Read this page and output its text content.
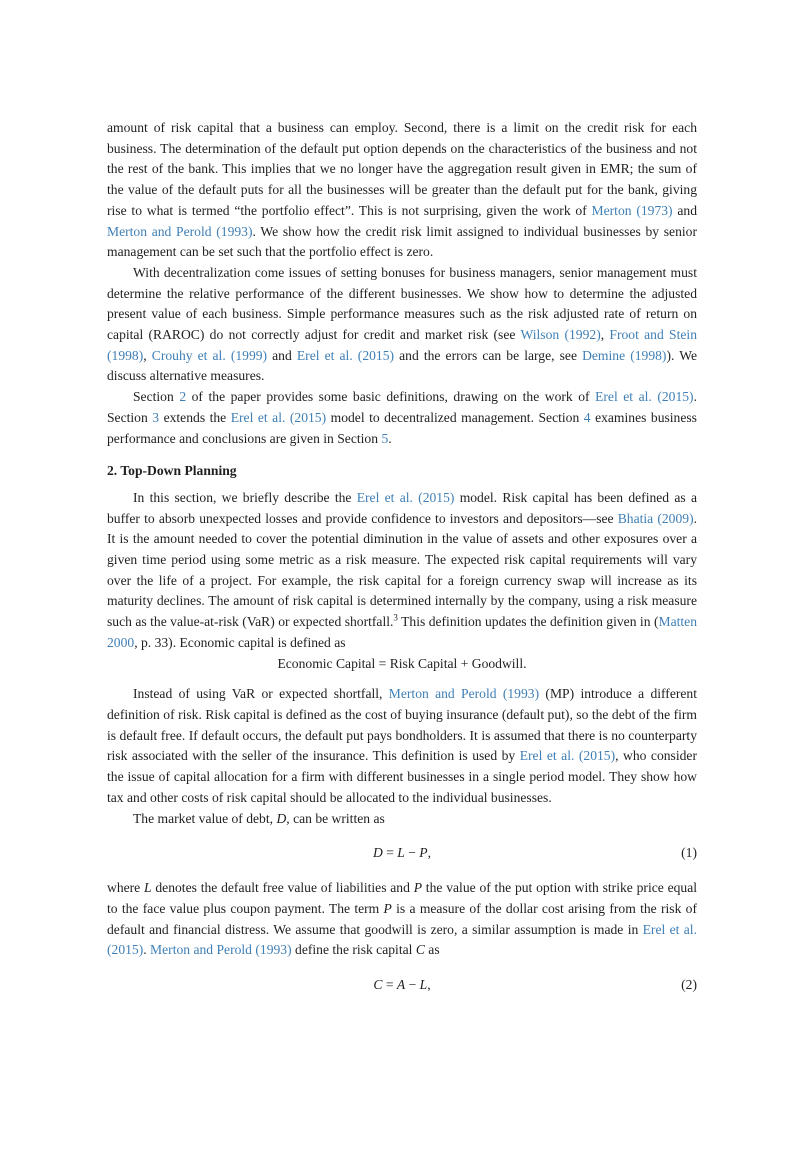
amount of risk capital that a business can employ. Second, there is a limit on the credit risk for each business. The determination of the default put option depends on the characteristics of the business and not the rest of the bank. This implies that we no longer have the aggregation result given in EMR; the sum of the value of the default puts for all the businesses will be greater than the default put for the bank, giving rise to what is termed “the portfolio effect”. This is not surprising, given the work of Merton (1973) and Merton and Perold (1993). We show how the credit risk limit assigned to individual businesses by senior management can be set such that the portfolio effect is zero.

With decentralization come issues of setting bonuses for business managers, senior management must determine the relative performance of the different businesses. We show how to determine the adjusted present value of each business. Simple performance measures such as the risk adjusted rate of return on capital (RAROC) do not correctly adjust for credit and market risk (see Wilson (1992), Froot and Stein (1998), Crouhy et al. (1999) and Erel et al. (2015) and the errors can be large, see Demine (1998)). We discuss alternative measures.

Section 2 of the paper provides some basic definitions, drawing on the work of Erel et al. (2015). Section 3 extends the Erel et al. (2015) model to decentralized management. Section 4 examines business performance and conclusions are given in Section 5.

2. Top-Down Planning

In this section, we briefly describe the Erel et al. (2015) model. Risk capital has been defined as a buffer to absorb unexpected losses and provide confidence to investors and depositors—see Bhatia (2009). It is the amount needed to cover the potential diminution in the value of assets and other exposures over a given time period using some metric as a risk measure. The expected risk capital requirements will vary over the life of a project. For example, the risk capital for a foreign currency swap will increase as its maturity declines. The amount of risk capital is determined internally by the company, using a risk measure such as the value-at-risk (VaR) or expected shortfall.$^3$ This definition updates the definition given in (Matten 2000, p. 33). Economic capital is defined as

Economic Capital = Risk Capital + Goodwill.

Instead of using VaR or expected shortfall, Merton and Perold (1993) (MP) introduce a different definition of risk. Risk capital is defined as the cost of buying insurance (default put), so the debt of the firm is default free. If default occurs, the default put pays bondholders. It is assumed that there is no counterparty risk associated with the seller of the insurance. This definition is used by Erel et al. (2015), who consider the issue of capital allocation for a firm with different businesses in a single period model. They show how tax and other costs of risk capital should be allocated to the individual businesses.

The market value of debt, D, can be written as

D = L − P,	(1)

where L denotes the default free value of liabilities and P the value of the put option with strike price equal to the face value plus coupon payment. The term P is a measure of the dollar cost arising from the risk of default and financial distress. We assume that goodwill is zero, a similar assumption is made in Erel et al. (2015). Merton and Perold (1993) define the risk capital C as

C = A − L,	(2)
